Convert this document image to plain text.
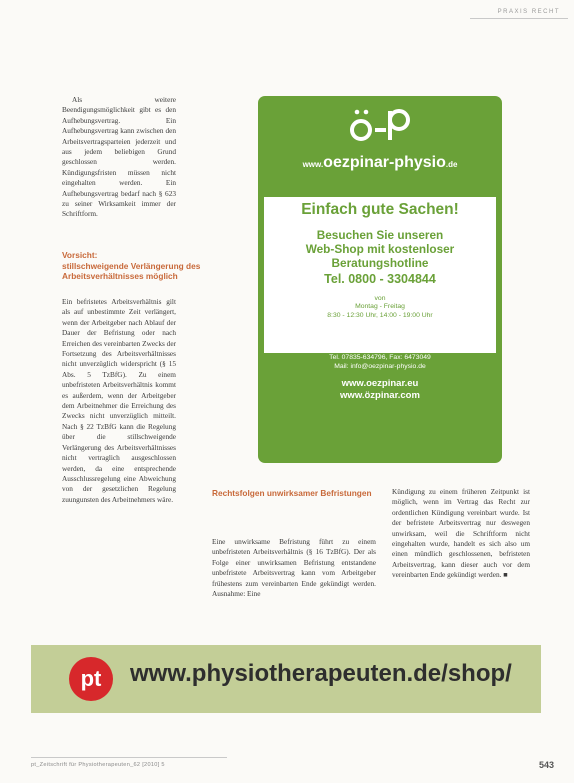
PRAXIS RECHT

Als weitere Beendigungsmöglichkeit gibt es den Aufhebungsvertrag. Ein Aufhebungsvertrag kann zwischen den Arbeitsvertragsparteien jederzeit und aus jedem beliebigen Grund geschlossen werden. Kündigungsfristen müssen nicht eingehalten werden. Ein Aufhebungsvertrag bedarf nach § 623 zu seiner Wirksamkeit immer der Schriftform.

Vorsicht:
stillschweigende Verlängerung des Arbeitsverhältnisses möglich

Ein befristetes Arbeitsverhältnis gilt als auf unbestimmte Zeit verlängert, wenn der Arbeitgeber nach Ablauf der Dauer der Befristung oder nach Erreichen des vereinbarten Zwecks der Fortsetzung des Arbeitsverhältnisses nicht unverzüglich widerspricht (§ 15 Abs. 5 TzBfG). Zu einem unbefristeten Arbeitsverhältnis kommt es außerdem, wenn der Arbeitgeber dem Arbeitnehmer die Erreichung des Zwecks nicht unverzüglich mitteilt. Nach § 22 TzBfG kann die Regelung über die stillschweigende Verlängerung des Arbeitsverhältnisses nicht vertraglich ausgeschlossen werden, da eine entsprechende Ausschlussregelung eine Abweichung von der gesetzlichen Regelung zuungunsten des Arbeitnehmers wäre.

www.oezpinar-physio.de
Einfach gute Sachen!
Besuchen Sie unseren
Web-Shop mit kostenloser
Beratungshotline
Tel. 0800 - 3304844
von
Montag - Freitag
8:30 - 12:30 Uhr, 14:00 - 19:00 Uhr
Özpinar-Physio GmbH
Ingeborg Özpinar, Hanspalmstr. 8, 77791 Biberach
Tel. 07835-634796, Fax: 6473049
Mail: info@oezpinar-physio.de
www.oezpinar.eu
www.özpinar.com
Rechtsfolgen unwirksamer Befristungen

Eine unwirksame Befristung führt zu einem unbefristeten Arbeitsverhältnis (§ 16 TzBfG). Der als Folge einer unwirksamen Befristung entstandene unbefristete Arbeitsvertrag kann vom Arbeitgeber frühestens zum vereinbarten Ende gekündigt werden. Ausnahme: Eine

Kündigung zu einem früheren Zeitpunkt ist möglich, wenn im Vertrag das Recht zur ordentlichen Kündigung vereinbart wurde. Ist der befristete Arbeitsvertrag nur deswegen unwirksam, weil die Schriftform nicht eingehalten wurde, handelt es sich also um einen mündlich geschlossenen, befristeten Arbeitsvertrag, kann dieser auch vor dem vereinbarten Ende gekündigt werden. ■

pt	www.physiotherapeuten.de/shop/
pt_Zeitschrift für Physiotherapeuten_62 [2010] 5	543
